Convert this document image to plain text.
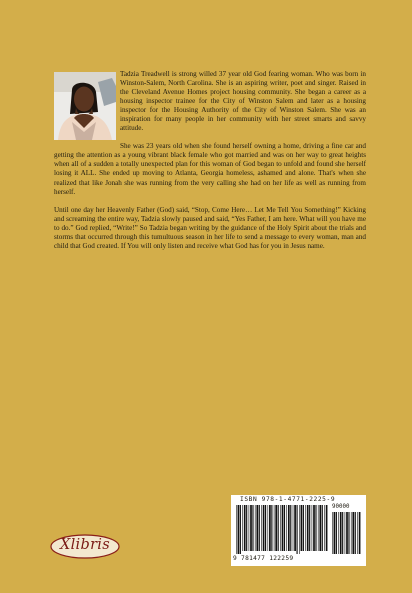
Tadzia Treadwell is strong willed 37 year old God fearing woman. Who was born in Winston-Salem, North Carolina. She is an aspiring writer, poet and singer. Raised in the Cleveland Avenue Homes project housing community. She began a career as a housing inspector trainee for the City of Winston Salem and later as a housing inspector for the Housing Authority of the City of Winston Salem. She was an inspiration for many people in her community with her street smarts and savvy attitude.

She was 23 years old when she found herself owning a home, driving a fine car and getting the attention as a young vibrant black female who got married and was on her way to great heights when all of a sudden a totally unexpected plan for this woman of God began to unfold and found she herself losing it ALL. She ended up moving to Atlanta, Georgia homeless, ashamed and alone. That's when she realized that like Jonah she was running from the very calling she had on her life as well as running from herself.

Until one day her Heavenly Father (God) said, “Stop, Come Here… Let Me Tell You Something!” Kicking and screaming the entire way, Tadzia slowly paused and said, “Yes Father, I am here. What will you have me to do.” God replied, “Write!” So Tadzia began writing by the guidance of the Holy Spirit about the trials and storms that occurred through this tumultuous season in her life to send a message to every woman, man and child that God created. If You will only listen and receive what God has for you in Jesus name.

ISBN 978-1-4771-2225-9
90000
9 781477 122259
Xlibris
